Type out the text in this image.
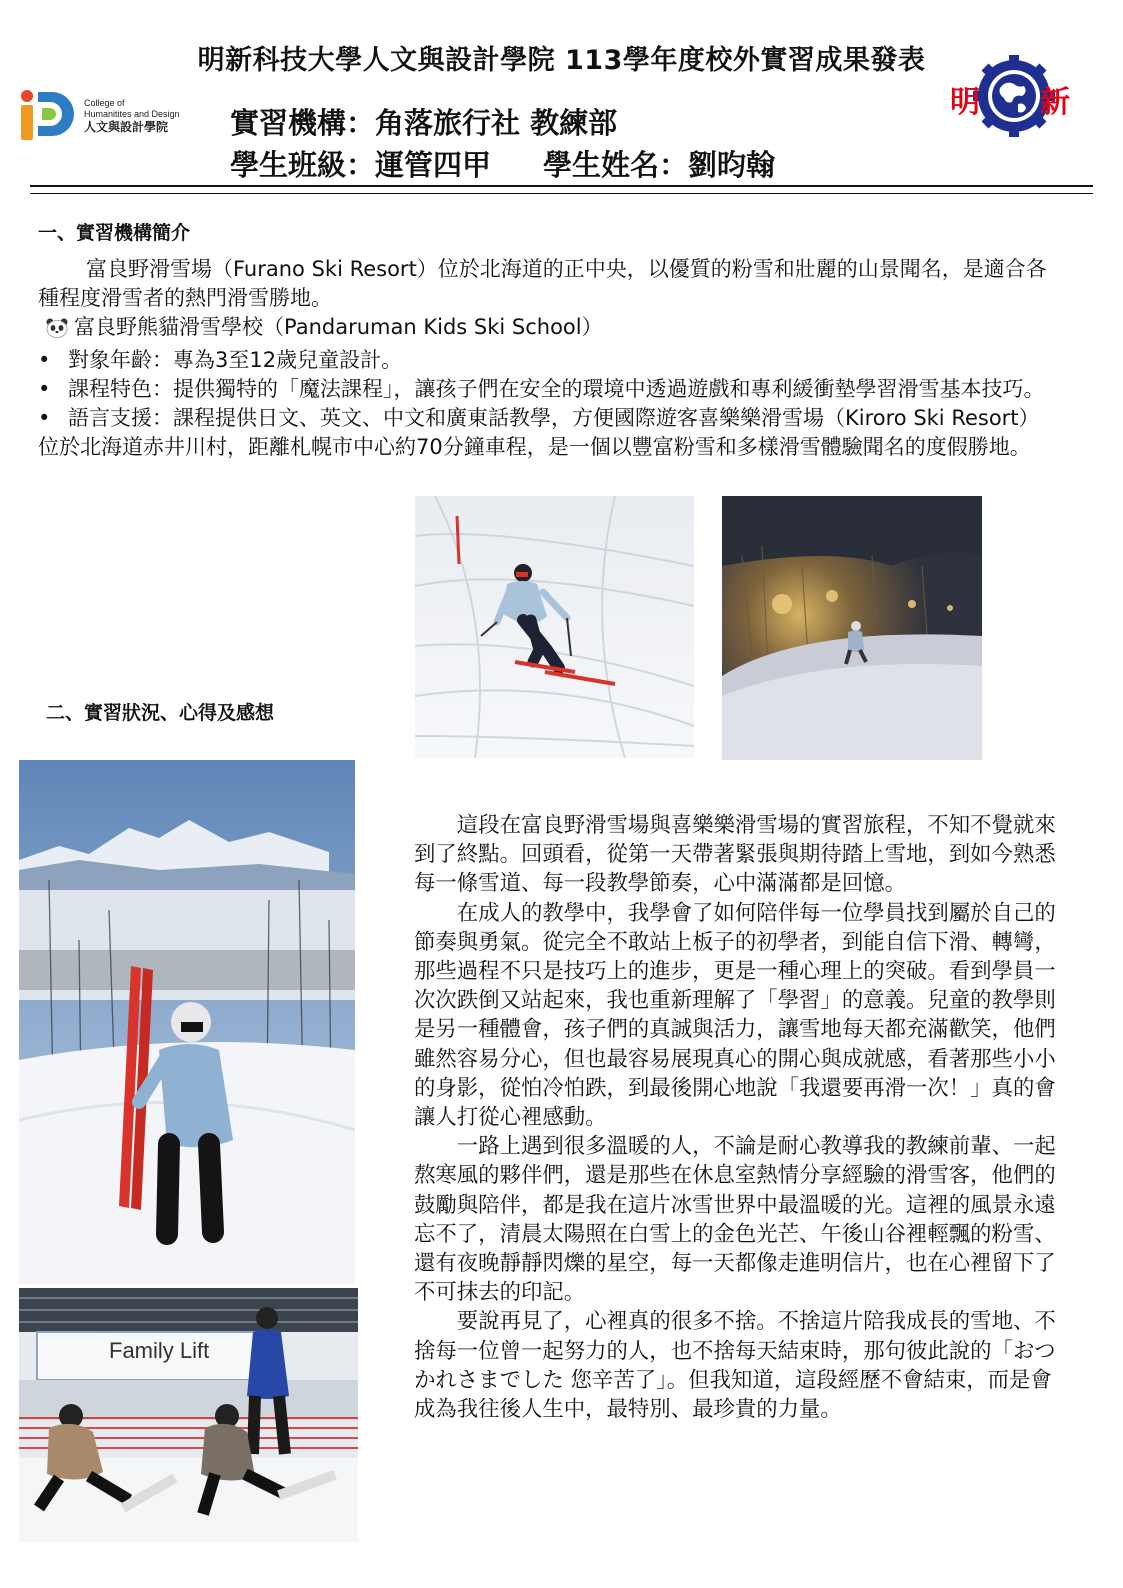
明新科技大學人文與設計學院 113學年度校外實習成果發表
College of
Humanitites and Design
人文與設計學院
明 新
實習機構：角落旅行社 教練部
學生班級：運管四甲 學生姓名：劉昀翰
一、實習機構簡介

富良野滑雪場（Furano Ski Resort）位於北海道的正中央，以優質的粉雪和壯麗的山景聞名，是適合各種程度滑雪者的熱門滑雪勝地。

富良野熊貓滑雪學校（Pandaruman Kids Ski School）

• 對象年齡：專為3至12歲兒童設計。

• 課程特色：提供獨特的「魔法課程」，讓孩子們在安全的環境中透過遊戲和專利緩衝墊學習滑雪基本技巧。

• 語言支援：課程提供日文、英文、中文和廣東話教學，方便國際遊客喜樂樂滑雪場（Kiroro Ski Resort）位於北海道赤井川村，距離札幌市中心約70分鐘車程，是一個以豐富粉雪和多樣滑雪體驗聞名的度假勝地。

二、實習狀況、心得及感想
Family Lift

這段在富良野滑雪場與喜樂樂滑雪場的實習旅程，不知不覺就來到了終點。回頭看，從第一天帶著緊張與期待踏上雪地，到如今熟悉每一條雪道、每一段教學節奏，心中滿滿都是回憶。

在成人的教學中，我學會了如何陪伴每一位學員找到屬於自己的節奏與勇氣。從完全不敢站上板子的初學者，到能自信下滑、轉彎，那些過程不只是技巧上的進步，更是一種心理上的突破。看到學員一次次跌倒又站起來，我也重新理解了「學習」的意義。兒童的教學則是另一種體會，孩子們的真誠與活力，讓雪地每天都充滿歡笑，他們雖然容易分心，但也最容易展現真心的開心與成就感，看著那些小小的身影，從怕冷怕跌，到最後開心地說「我還要再滑一次！」真的會讓人打從心裡感動。

一路上遇到很多溫暖的人，不論是耐心教導我的教練前輩、一起熬寒風的夥伴們，還是那些在休息室熱情分享經驗的滑雪客，他們的鼓勵與陪伴，都是我在這片冰雪世界中最溫暖的光。這裡的風景永遠忘不了，清晨太陽照在白雪上的金色光芒、午後山谷裡輕飄的粉雪、還有夜晚靜靜閃爍的星空，每一天都像走進明信片，也在心裡留下了不可抹去的印記。

要說再見了，心裡真的很多不捨。不捨這片陪我成長的雪地、不捨每一位曾一起努力的人，也不捨每天結束時，那句彼此說的「おつかれさまでした 您辛苦了」。但我知道，這段經歷不會結束，而是會成為我往後人生中，最特別、最珍貴的力量。
